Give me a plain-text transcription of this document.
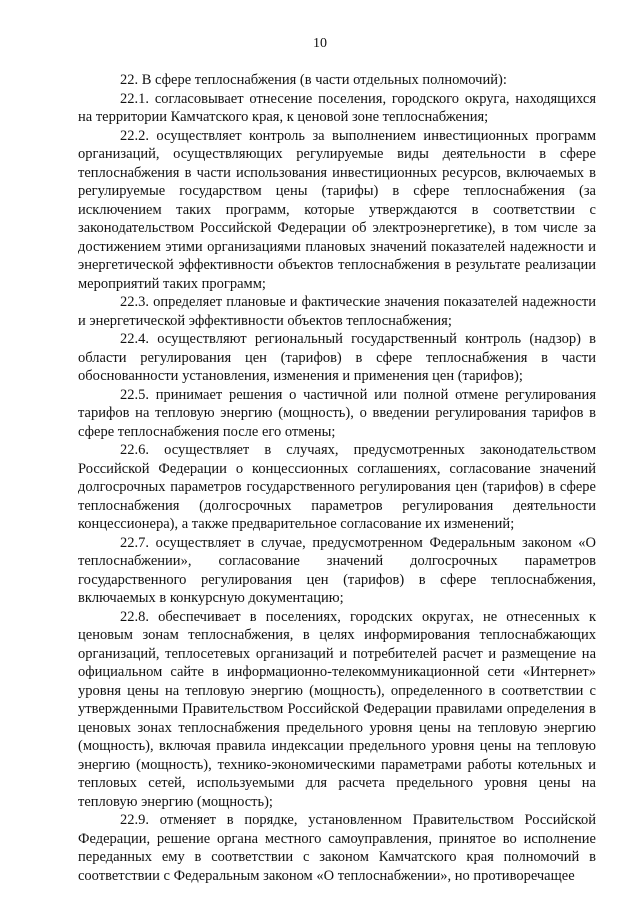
10

22. В сфере теплоснабжения (в части отдельных полномочий):

22.1. согласовывает отнесение поселения, городского округа, находящихся на территории Камчатского края, к ценовой зоне теплоснабжения;

22.2. осуществляет контроль за выполнением инвестиционных программ организаций, осуществляющих регулируемые виды деятельности в сфере теплоснабжения в части использования инвестиционных ресурсов, включаемых в регулируемые государством цены (тарифы) в сфере теплоснабжения (за исключением таких программ, которые утверждаются в соответствии с законодательством Российской Федерации об электроэнергетике), в том числе за достижением этими организациями плановых значений показателей надежности и энергетической эффективности объектов теплоснабжения в результате реализации мероприятий таких программ;

22.3. определяет плановые и фактические значения показателей надежности и энергетической эффективности объектов теплоснабжения;

22.4. осуществляют региональный государственный контроль (надзор) в области регулирования цен (тарифов) в сфере теплоснабжения в части обоснованности установления, изменения и применения цен (тарифов);

22.5. принимает решения о частичной или полной отмене регулирования тарифов на тепловую энергию (мощность), о введении регулирования тарифов в сфере теплоснабжения после его отмены;

22.6. осуществляет в случаях, предусмотренных законодательством Российской Федерации о концессионных соглашениях, согласование значений долгосрочных параметров государственного регулирования цен (тарифов) в сфере теплоснабжения (долгосрочных параметров регулирования деятельности концессионера), а также предварительное согласование их изменений;

22.7. осуществляет в случае, предусмотренном Федеральным законом «О теплоснабжении», согласование значений долгосрочных параметров государственного регулирования цен (тарифов) в сфере теплоснабжения, включаемых в конкурсную документацию;

22.8. обеспечивает в поселениях, городских округах, не отнесенных к ценовым зонам теплоснабжения, в целях информирования теплоснабжающих организаций, теплосетевых организаций и потребителей расчет и размещение на официальном сайте в информационно-телекоммуникационной сети «Интернет» уровня цены на тепловую энергию (мощность), определенного в соответствии с утвержденными Правительством Российской Федерации правилами определения в ценовых зонах теплоснабжения предельного уровня цены на тепловую энергию (мощность), включая правила индексации предельного уровня цены на тепловую энергию (мощность), технико-экономическими параметрами работы котельных и тепловых сетей, используемыми для расчета предельного уровня цены на тепловую энергию (мощность);

22.9. отменяет в порядке, установленном Правительством Российской Федерации, решение органа местного самоуправления, принятое во исполнение переданных ему в соответствии с законом Камчатского края полномочий в соответствии с Федеральным законом «О теплоснабжении», но противоречащее
